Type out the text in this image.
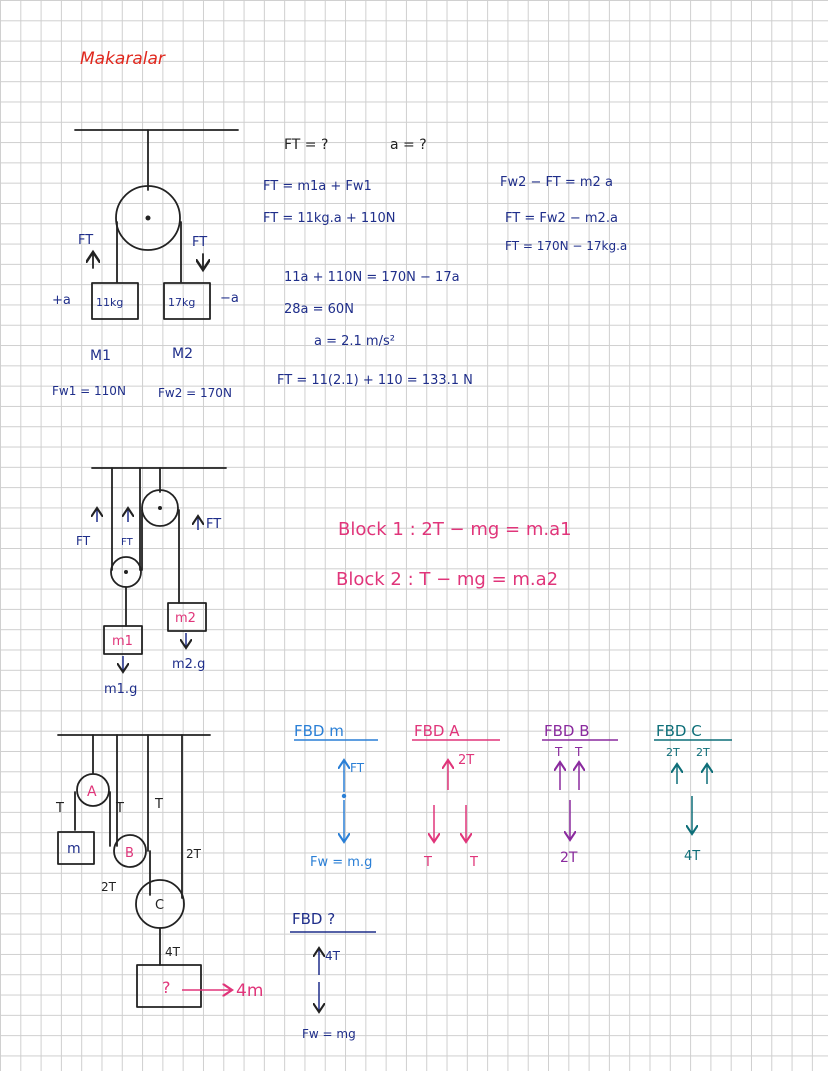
Makaralar
FT	FT
+a	−a
11kg	17kg
M1	M2
Fw1 = 110N	Fw2 = 170N
FT = ?	a = ?
FT = m1a + Fw1
FT = 11kg.a + 110N
Fw2 − FT = m2 a
FT = Fw2 − m2.a
FT = 170N − 17kg.a
11a + 110N = 170N − 17a
28a = 60N
a = 2.1 m/s²
FT = 11(2.1) + 110 = 133.1 N
FT	FT
FT
m1
m2
m1.g
m2.g
Block 1 : 2T − mg = m.a1
Block 2 : T − mg = m.a2
T
A
T T
m	B	2T
2T
C
4T
?	4m
FBD m
FT
Fw = m.g
FBD A
2T
T	T
FBD B
T T
2T
FBD C
2T 2T
4T
FBD ?
4T
Fw = mg
